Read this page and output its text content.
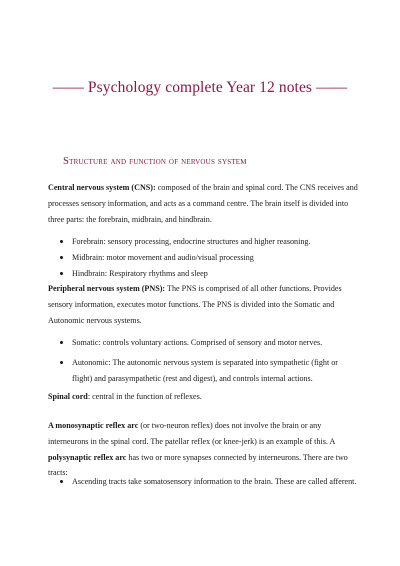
—— Psychology complete Year 12 notes ——
Structure and function of nervous system

Central nervous system (CNS): composed of the brain and spinal cord. The CNS receives and processes sensory information, and acts as a command centre. The brain itself is divided into three parts: the forebrain, midbrain, and hindbrain.

Forebrain: sensory processing, endocrine structures and higher reasoning.
Midbrain: motor movement and audio/visual processing
Hindbrain: Respiratory rhythms and sleep

Peripheral nervous system (PNS): The PNS is comprised of all other functions. Provides sensory information, executes motor functions. The PNS is divided into the Somatic and Autonomic nervous systems.

Somatic: controls voluntary actions. Comprised of sensory and motor nerves.
Autonomic: The autonomic nervous system is separated into sympathetic (fight or flight) and parasympathetic (rest and digest), and controls internal actions.

Spinal cord: central in the function of reflexes.

A monosynaptic reflex arc (or two-neuron reflex) does not involve the brain or any interneurons in the spinal cord. The patellar reflex (or knee-jerk) is an example of this. A polysynaptic reflex arc has two or more synapses connected by interneurons. There are two tracts:

Ascending tracts take somatosensory information to the brain. These are called afferent.
